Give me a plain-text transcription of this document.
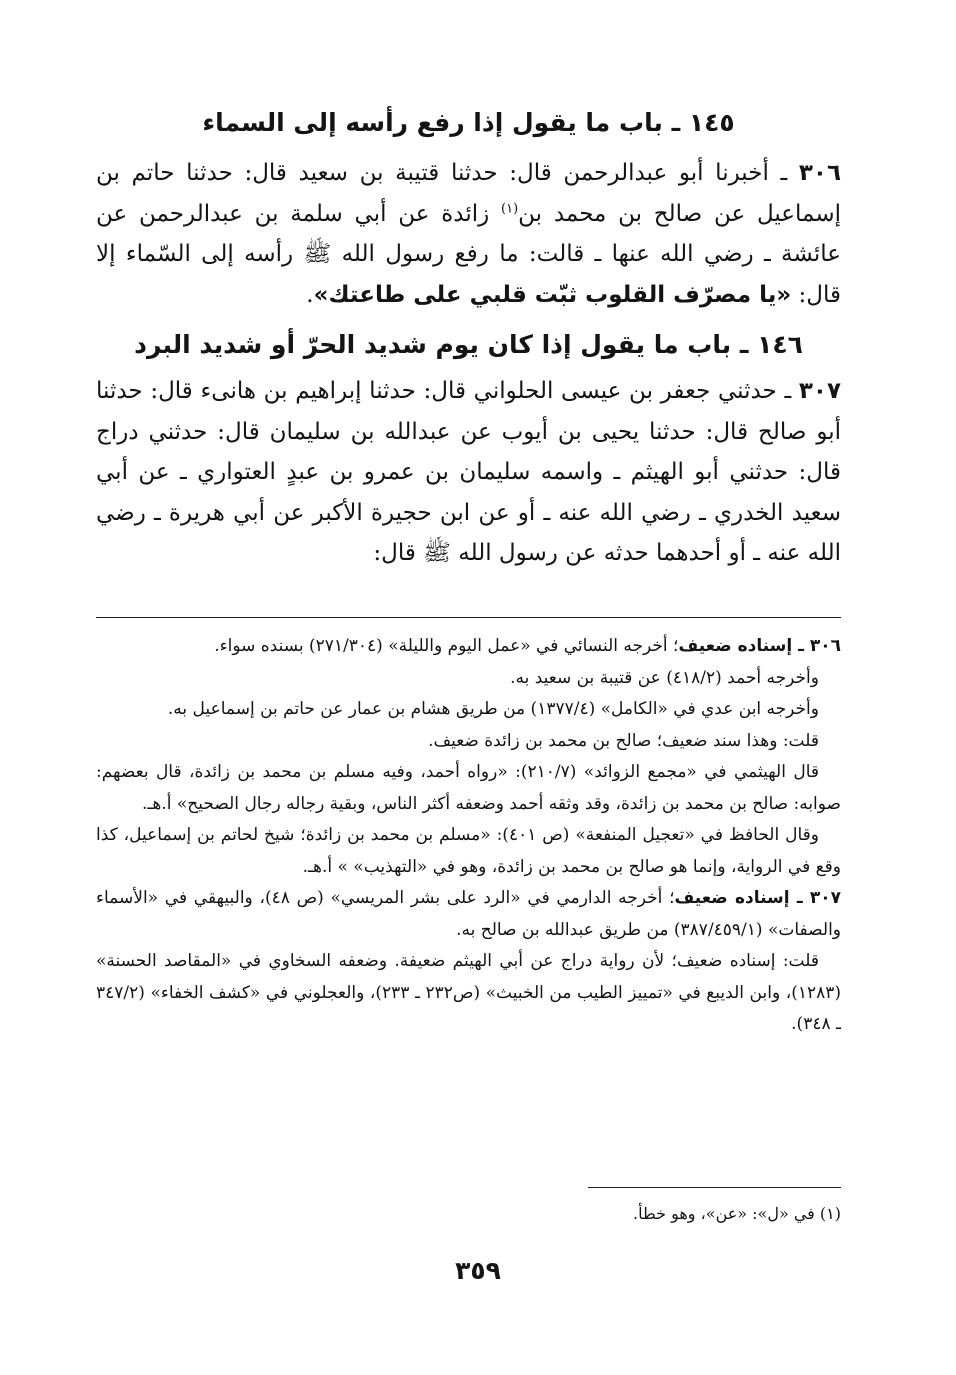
١٤٥ ـ باب ما يقول إذا رفع رأسه إلى السماء

٣٠٦ ـ أخبرنا أبو عبدالرحمن قال: حدثنا قتيبة بن سعيد قال: حدثنا حاتم بن إسماعيل عن صالح بن محمد بن$^{(١)}$ زائدة عن أبي سلمة بن عبدالرحمن عن عائشة ـ رضي الله عنها ـ قالت: ما رفع رسول الله ﷺ رأسه إلى السّماء إلا قال: «يا مصرّف القلوب ثبّت قلبي على طاعتك».

١٤٦ ـ باب ما يقول إذا كان يوم شديد الحرّ أو شديد البرد

٣٠٧ ـ حدثني جعفر بن عيسى الحلواني قال: حدثنا إبراهيم بن هانىء قال: حدثنا أبو صالح قال: حدثنا يحيى بن أيوب عن عبدالله بن سليمان قال: حدثني دراج قال: حدثني أبو الهيثم ـ واسمه سليمان بن عمرو بن عبدٍ العتواري ـ عن أبي سعيد الخدري ـ رضي الله عنه ـ أو عن ابن حجيرة الأكبر عن أبي هريرة ـ رضي الله عنه ـ أو أحدهما حدثه عن رسول الله ﷺ قال:

٣٠٦ ـ إسناده ضعيف؛ أخرجه النسائي في «عمل اليوم والليلة» (٢٧١/٣٠٤) بسنده سواء.

وأخرجه أحمد (٤١٨/٢) عن قتيبة بن سعيد به.

وأخرجه ابن عدي في «الكامل» (١٣٧٧/٤) من طريق هشام بن عمار عن حاتم بن إسماعيل به.

قلت: وهذا سند ضعيف؛ صالح بن محمد بن زائدة ضعيف.

قال الهيثمي في «مجمع الزوائد» (٢١٠/٧): «رواه أحمد، وفيه مسلم بن محمد بن زائدة، قال بعضهم: صوابه: صالح بن محمد بن زائدة، وقد وثقه أحمد وضعفه أكثر الناس، وبقية رجاله رجال الصحيح» أ.هـ.

وقال الحافظ في «تعجيل المنفعة» (ص ٤٠١): «مسلم بن محمد بن زائدة؛ شيخ لحاتم بن إسماعيل، كذا وقع في الرواية، وإنما هو صالح بن محمد بن زائدة، وهو في «التهذيب» » أ.هـ.

٣٠٧ ـ إسناده ضعيف؛ أخرجه الدارمي في «الرد على بشر المريسي» (ص ٤٨)، والبيهقي في «الأسماء والصفات» (٣٨٧/٤٥٩/١) من طريق عبدالله بن صالح به.

قلت: إسناده ضعيف؛ لأن رواية دراج عن أبي الهيثم ضعيفة. وضعفه السخاوي في «المقاصد الحسنة» (١٢٨٣)، وابن الديبع في «تمييز الطيب من الخبيث» (ص٢٣٢ ـ ٢٣٣)، والعجلوني في «كشف الخفاء» (٣٤٧/٢ ـ ٣٤٨).

(١) في «ل»: «عن»، وهو خطأ.

٣٥٩
